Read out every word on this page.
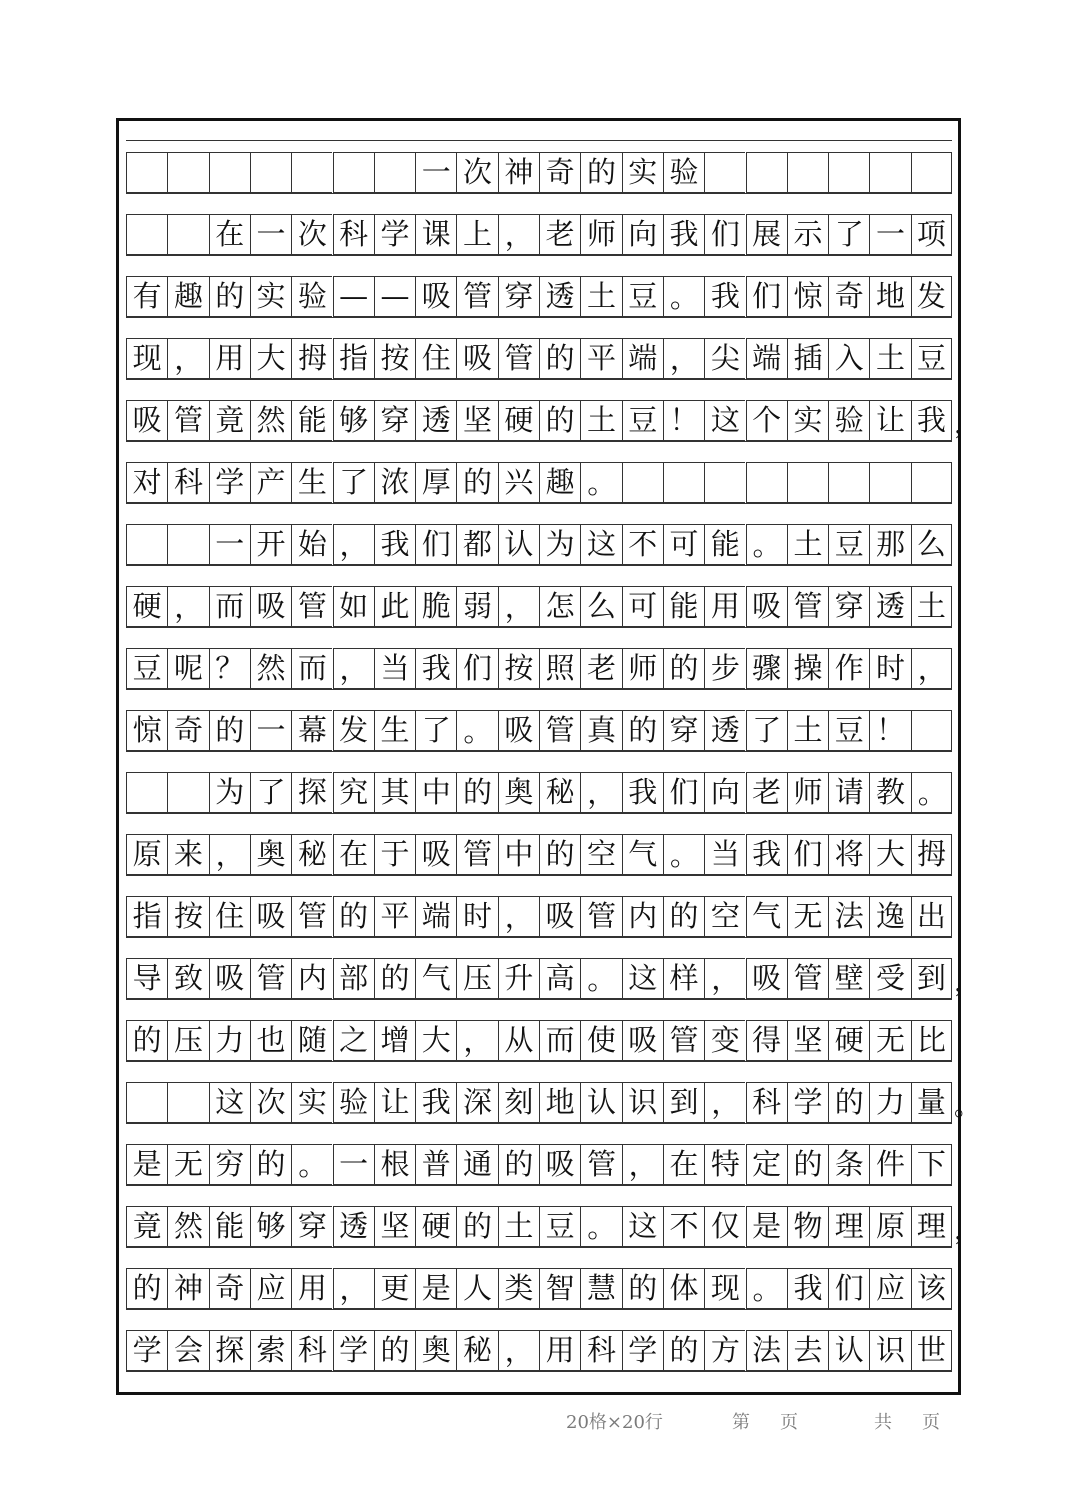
一 次 神 奇 的 实 验
在 一 次 科 学 课 上 ， 老 师 向 我 们 展 示 了 一 项
有 趣 的 实 验 — — 吸 管 穿 透 土 豆 。 我 们 惊 奇 地 发
现 ， 用 大 拇 指 按 住 吸 管 的 平 端 ， 尖 端 插 入 土 豆
吸 管 竟 然 能 够 穿 透 坚 硬 的 土 豆 ！ 这 个 实 验 让 我 ，
对 科 学 产 生 了 浓 厚 的 兴 趣 。
一 开 始 ， 我 们 都 认 为 这 不 可 能 。 土 豆 那 么
硬 ， 而 吸 管 如 此 脆 弱 ， 怎 么 可 能 用 吸 管 穿 透 土
豆 呢 ？ 然 而 ， 当 我 们 按 照 老 师 的 步 骤 操 作 时 ，
惊 奇 的 一 幕 发 生 了 。 吸 管 真 的 穿 透 了 土 豆 ！
为 了 探 究 其 中 的 奥 秘 ， 我 们 向 老 师 请 教 。
原 来 ， 奥 秘 在 于 吸 管 中 的 空 气 。 当 我 们 将 大 拇
指 按 住 吸 管 的 平 端 时 ， 吸 管 内 的 空 气 无 法 逸 出
导 致 吸 管 内 部 的 气 压 升 高 。 这 样 ， 吸 管 壁 受 到 ，
的 压 力 也 随 之 增 大 ， 从 而 使 吸 管 变 得 坚 硬 无 比
这 次 实 验 让 我 深 刻 地 认 识 到 ， 科 学 的 力 量 。
是 无 穷 的 。 一 根 普 通 的 吸 管 ， 在 特 定 的 条 件 下
竟 然 能 够 穿 透 坚 硬 的 土 豆 。 这 不 仅 是 物 理 原 理 ，
的 神 奇 应 用 ， 更 是 人 类 智 慧 的 体 现 。 我 们 应 该
学 会 探 索 科 学 的 奥 秘 ， 用 科 学 的 方 法 去 认 识 世
20格×20行	第 页	共 页
